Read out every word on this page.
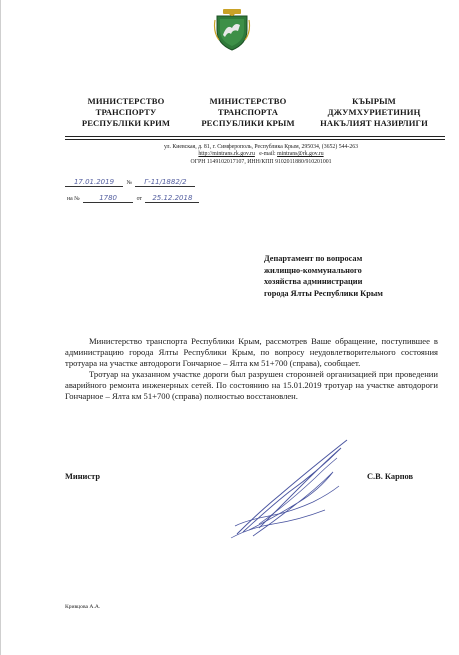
МИНИСТЕРСТВО
ТРАНСПОРТУ
РЕСПУБЛІКИ КРИМ
МИНИСТЕРСТВО
ТРАНСПОРТА
РЕСПУБЛИКИ КРЫМ
КЪЫРЫМ
ДЖУМХУРИЕТИНИҢ
НАКЪЛИЯТ НАЗИРЛИГИ
ул. Киевская, д. 81, г. Симферополь, Республика Крым, 295034, (3652) 544-263
http://mintrans.rk.gov.ru e-mail: mintrans@rk.gov.ru
ОГРН 1149102017107, ИНН/КПП 9102011880/910201001
17.01.2019 № Г-11/1882/2
на №	1780	от 25.12.2018
Департамент по вопросам
жилищно-коммунального
хозяйства администрации
города Ялты Республики Крым

Министерство транспорта Республики Крым, рассмотрев Ваше обращение, поступившее в администрацию города Ялты Республики Крым, по вопросу неудовлетворительного состояния тротуара на участке автодороги Гончарное – Ялта км 51+700 (справа), сообщает.

Тротуар на указанном участке дороги был разрушен сторонней организацией при проведении аварийного ремонта инженерных сетей. По состоянию на 15.01.2019 тротуар на участке автодороги Гончарное – Ялта км 51+700 (справа) полностью восстановлен.

Министр	С.В. Карпов
Кривцова А.А.
